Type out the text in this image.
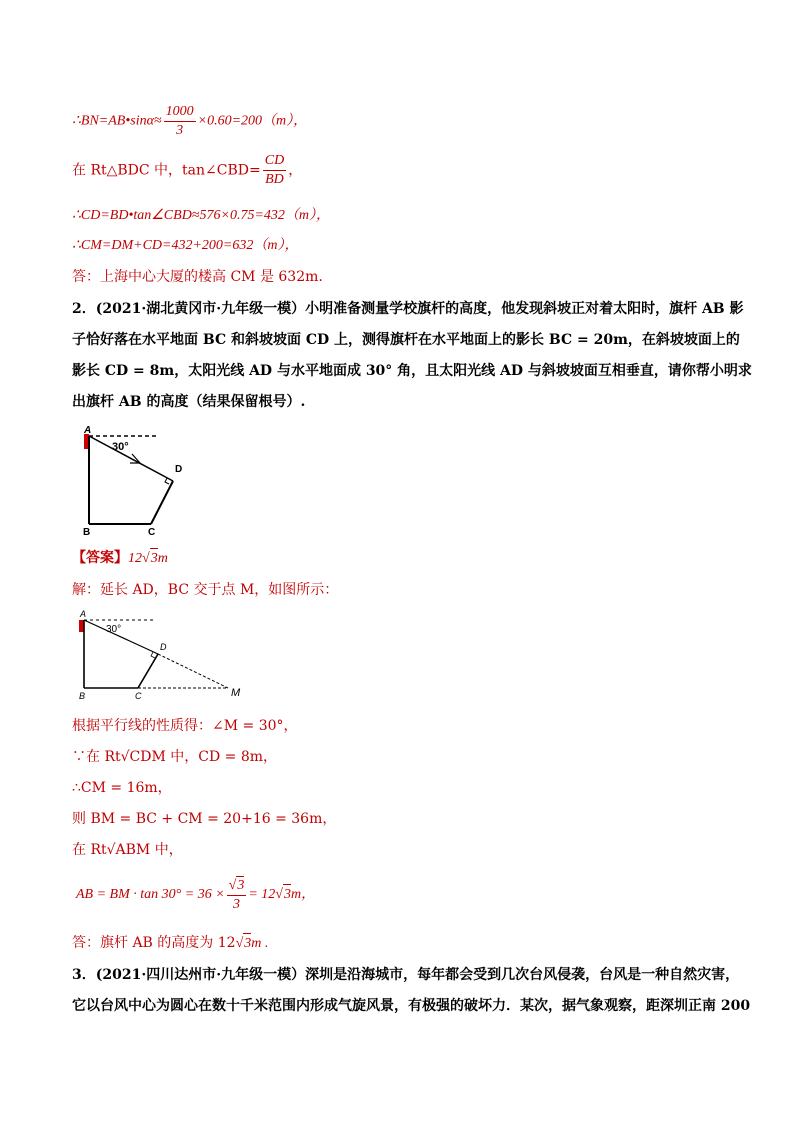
∴BN=AB•sinα≈ $\frac{1000}{3} \times 0.60=200(m)$，
在 Rt△BDC 中，tan∠CBD= $\frac{CD}{BD}$ ，
∴CD=BD•tan∠CBD≈576×0.75=432（m），
∴CM=DM+CD=432+200=632（m），
答：上海中心大厦的楼高 CM 是 632m.
2．(2021·湖北黄冈市·九年级一模）小明准备测量学校旗杆的高度，他发现斜坡正对着太阳时，旗杆 AB 影
子恰好落在水平地面 BC 和斜坡坡面 CD 上，测得旗杆在水平地面上的影长 BC = 20m，在斜坡坡面上的
影长 CD = 8m，太阳光线 AD 与水平地面成 30° 角，且太阳光线 AD 与斜坡坡面互相垂直，请你帮小明求
出旗杆 AB 的高度（结果保留根号）.
A
30°
D
B	C
【答案】12√3m
解：延长 AD，BC 交于点 M，如图所示：
A
30°
D
B	C	M
根据平行线的性质得：∠M = 30°，
∵在 Rt√CDM 中，CD = 8m，
∴CM = 16m，
则 BM = BC + CM = 20+16 = 36m，
在 Rt√ABM 中，
AB = BM · $\tan 30^\circ = 36 \times \frac{√3}{3} = 12√3m$，
答：旗杆 AB 的高度为 12√3m .
3．(2021·四川达州市·九年级一模）深圳是沿海城市，每年都会受到几次台风侵袭，台风是一种自然灾害，
它以台风中心为圆心在数十千米范围内形成气旋风景，有极强的破坏力．某次，据气象观察，距深圳正南 200
